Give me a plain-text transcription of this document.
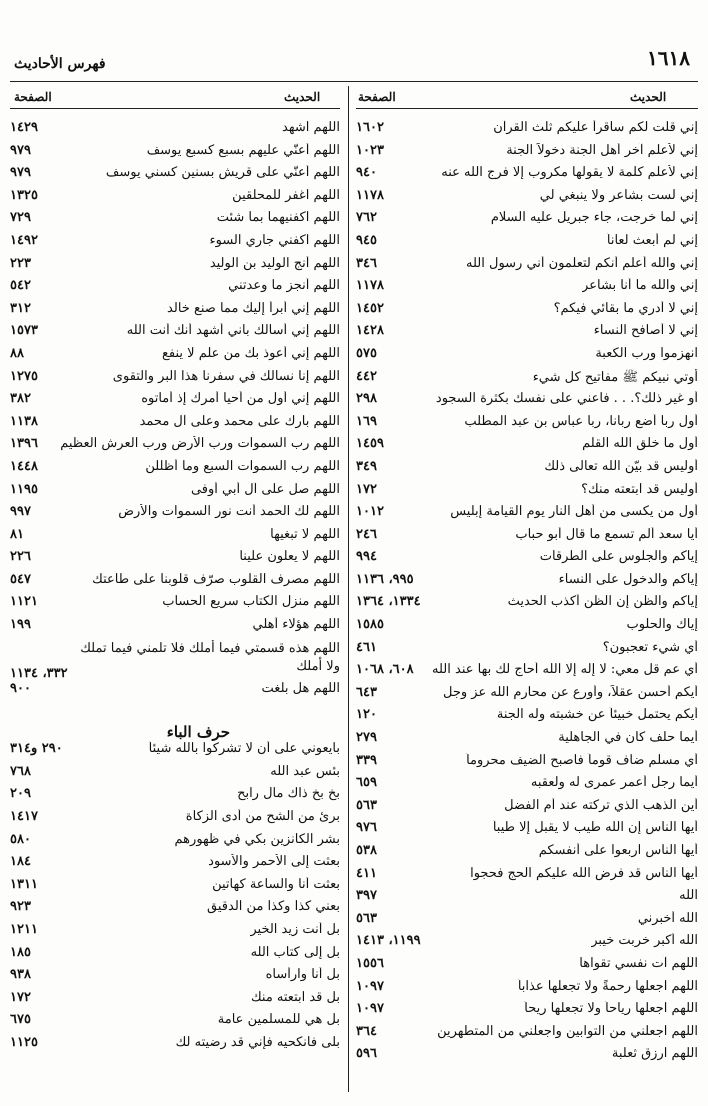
١٦١٨
فهرس الأحاديث
الحديث
الصفحة
الحديث
الصفحة
إني قلت لكم سأقرأ عليكم ثلث القرآن
١٦٠٢
إني لأعلم آخر أهل الجنة دخولاً الجنة
١٠٢٣
إني لأعلم كلمة لا يقولها مكروب إلا فرج الله عنه
٩٤٠
إني لست بشاعر ولا ينبغي لي
١١٧٨
إني لما خرجت، جاء جبريل عليه السلام
٧٦٢
إني لم أبعث لعاناً
٩٤٥
إني والله أعلم أنكم لتعلمون أني رسول الله
٣٤٦
إني والله ما أنا بشاعر
١١٧٨
إني لا أدري ما بقائي فيكم؟
١٤٥٢
إني لا أصافح النساء
١٤٢٨
انهزموا ورب الكعبة
٥٧٥
أوتي نبيكم ﷺ مفاتيح كل شيء
٤٤٢
أو غير ذلك؟. . . فأعني على نفسك بكثرة السجود
٢٩٨
أول ربا أضع ربانا، ربا عباس بن عبد المطلب
١٦٩
أول ما خلق الله القلم
١٤٥٩
أوليس قد بيّن الله تعالى ذلك
٣٤٩
أوليس قد ابتعته منك؟
١٧٢
أول من يكسى من أهل النار يوم القيامة إبليس
١٠١٢
أيا سعد ألم تسمع ما قال أبو حباب
٢٤٦
إياكم والجلوس على الطرقات
٩٩٤
إياكم والدخول على النساء
٩٩٥، ١١٣٦
إياكم والظن إن الظن أكذب الحديث
١٣٣٤، ١٣٦٤
إياك والحلوب
١٥٨٥
أي شيء تعجبون؟
٤٦١
أي عم قل معي: لا إله إلا الله أحاج لك بها عند الله
٦٠٨، ١٠٦٨
أيكم أحسن عقلاً، وأورع عن محارم الله عز وجل
٦٤٣
أيكم يحتمل خبيئاً عن خشبته وله الجنة
١٢٠
أيما حلف كان في الجاهلية
٢٧٩
أي مسلم ضاف قوماً فأصبح الضيف محروماً
٣٣٩
أيما رجل أعمر عمرى له ولعقبه
٦٥٩
أين الذهب الذي تركته عند أم الفضل
٥٦٣
أيها الناس إن الله طيب لا يقبل إلا طيباً
٩٧٦
أيها الناس اربعوا على أنفسكم
٥٣٨
أيها الناس قد فرض الله عليكم الحج فحجوا
٤١١
الله
٣٩٧
الله أخبرني
٥٦٣
الله أكبر خربت خيبر
١١٩٩، ١٤١٣
اللهم آت نفسي تقواها
١٥٥٦
اللهم اجعلها رحمةً ولا تجعلها عذاباً
١٠٩٧
اللهم اجعلها رياحاً ولا تجعلها ريحاً
١٠٩٧
اللهم اجعلني من التوابين واجعلني من المتطهرين
٣٦٤
اللهم ارزق ثعلبة
٥٩٦
اللهم اشهد
١٤٢٩
اللهم أعنّي عليهم بسبع كسبع يوسف
٩٧٩
اللهم أعنّي على قريش بسنين كسني يوسف
٩٧٩
اللهم اغفر للمحلقين
١٣٢٥
اللهم اكفنيهما بما شئت
٧٢٩
اللهم اكفني جاري السوء
١٤٩٢
اللهم أنج الوليد بن الوليد
٢٢٣
اللهم أنجز ما وعدتني
٥٤٢
اللهم إني أبرأ إليك مما صنع خالد
٣١٢
اللهم إني أسألك بأني أشهد أنك أنت الله
١٥٧٣
اللهم إني أعوذ بك من علم لا ينفع
٨٨
اللهم إنا نسألك في سفرنا هذا البر والتقوى
١٢٧٥
اللهم إني أول من أحيا أمرك إذ أماتوه
٣٨٢
اللهم بارك على محمد وعلى آل محمد
١١٣٨
اللهم رب السموات ورب الأرض ورب العرش العظيم
١٣٩٦
اللهم رب السموات السبع وما أظللن
١٤٤٨
اللهم صل على آل أبي أوفى
١١٩٥
اللهم لك الحمد أنت نور السموات والأرض
٩٩٧
اللهم لا تبغيها
٨١
اللهم لا يعلون علينا
٢٢٦
اللهم مصرف القلوب صرّف قلوبنا على طاعتك
٥٤٧
اللهم منزل الكتاب سريع الحساب
١١٢١
اللهم هؤلاء أهلي
١٩٩
اللهم هذه قسمتي فيما أملك فلا تلمني فيما تملك ولا أملك
٣٣٢، ١١٣٤
اللهم هل بلغت
٩٠٠
حرف الباء
بايعوني على أن لا تشركوا بالله شيئاً
٢٩٠ و٣١٤
بئس عبد الله
٧٦٨
بخ بخ ذاك مال رابح
٢٠٩
برئ من الشح من أدى الزكاة
١٤١٧
بشر الكانزين بكي في ظهورهم
٥٨٠
بعثت إلى الأحمر والأسود
١٨٤
بعثت أنا والساعة كهاتين
١٣١١
بعني كذا وكذا من الدقيق
٩٢٣
بل أنت زيد الخير
١٢١١
بل إلى كتاب الله
١٨٥
بل أنا وارأساه
٩٣٨
بل قد ابتعته منك
١٧٢
بل هي للمسلمين عامة
٦٧٥
بلى فانكحيه فإني قد رضيته لك
١١٢٥
